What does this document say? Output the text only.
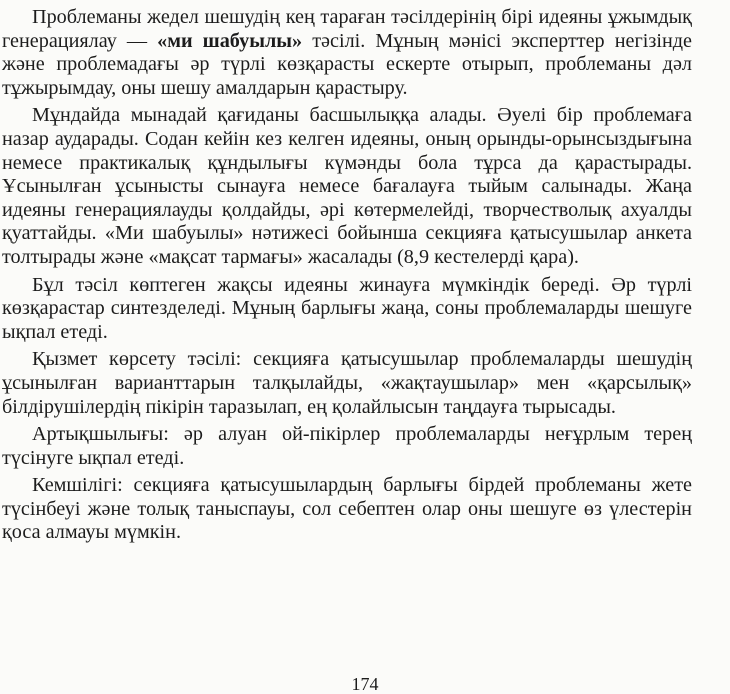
Проблеманы жедел шешудің кең тараған тәсілдерінің бірі идеяны ұжымдық генерациялау — «ми шабуылы» тәсілі. Мұның мәнісі эксперттер негізінде және проблемадағы әр түрлі көзқарасты ескерте отырып, проблеманы дәл тұжырымдау, оны шешу амалдарын қарастыру.

Мұндайда мынадай қағиданы басшылыққа алады. Әуелі бір проблемаға назар аударады. Содан кейін кез келген идеяны, оның орынды-орынсыздығына немесе практикалық құндылығы күмәнды бола тұрса да қарастырады. Ұсынылған ұсынысты сынауға немесе бағалауға тыйым салынады. Жаңа идеяны генерациялауды қолдайды, әрі көтермелейді, творчестволық ахуалды қуаттайды. «Ми шабуылы» нәтижесі бойынша секцияға қатысушылар анкета толтырады және «мақсат тармағы» жасалады (8,9 кестелерді қара).

Бұл тәсіл көптеген жақсы идеяны жинауға мүмкіндік береді. Әр түрлі көзқарастар синтезделеді. Мұның барлығы жаңа, соны проблемаларды шешуге ықпал етеді.

Қызмет көрсету тәсілі: секцияға қатысушылар проблемаларды шешудің ұсынылған варианттарын талқылайды, «жақтаушылар» мен «қарсылық» білдірушілердің пікірін таразылап, ең қолайлысын таңдауға тырысады.

Артықшылығы: әр алуан ой-пікірлер проблемаларды неғұрлым терең түсінуге ықпал етеді.

Кемшілігі: секцияға қатысушылардың барлығы бірдей проблеманы жете түсінбеуі және толық таныспауы, сол себептен олар оны шешуге өз үлестерін қоса алмауы мүмкін.

174
